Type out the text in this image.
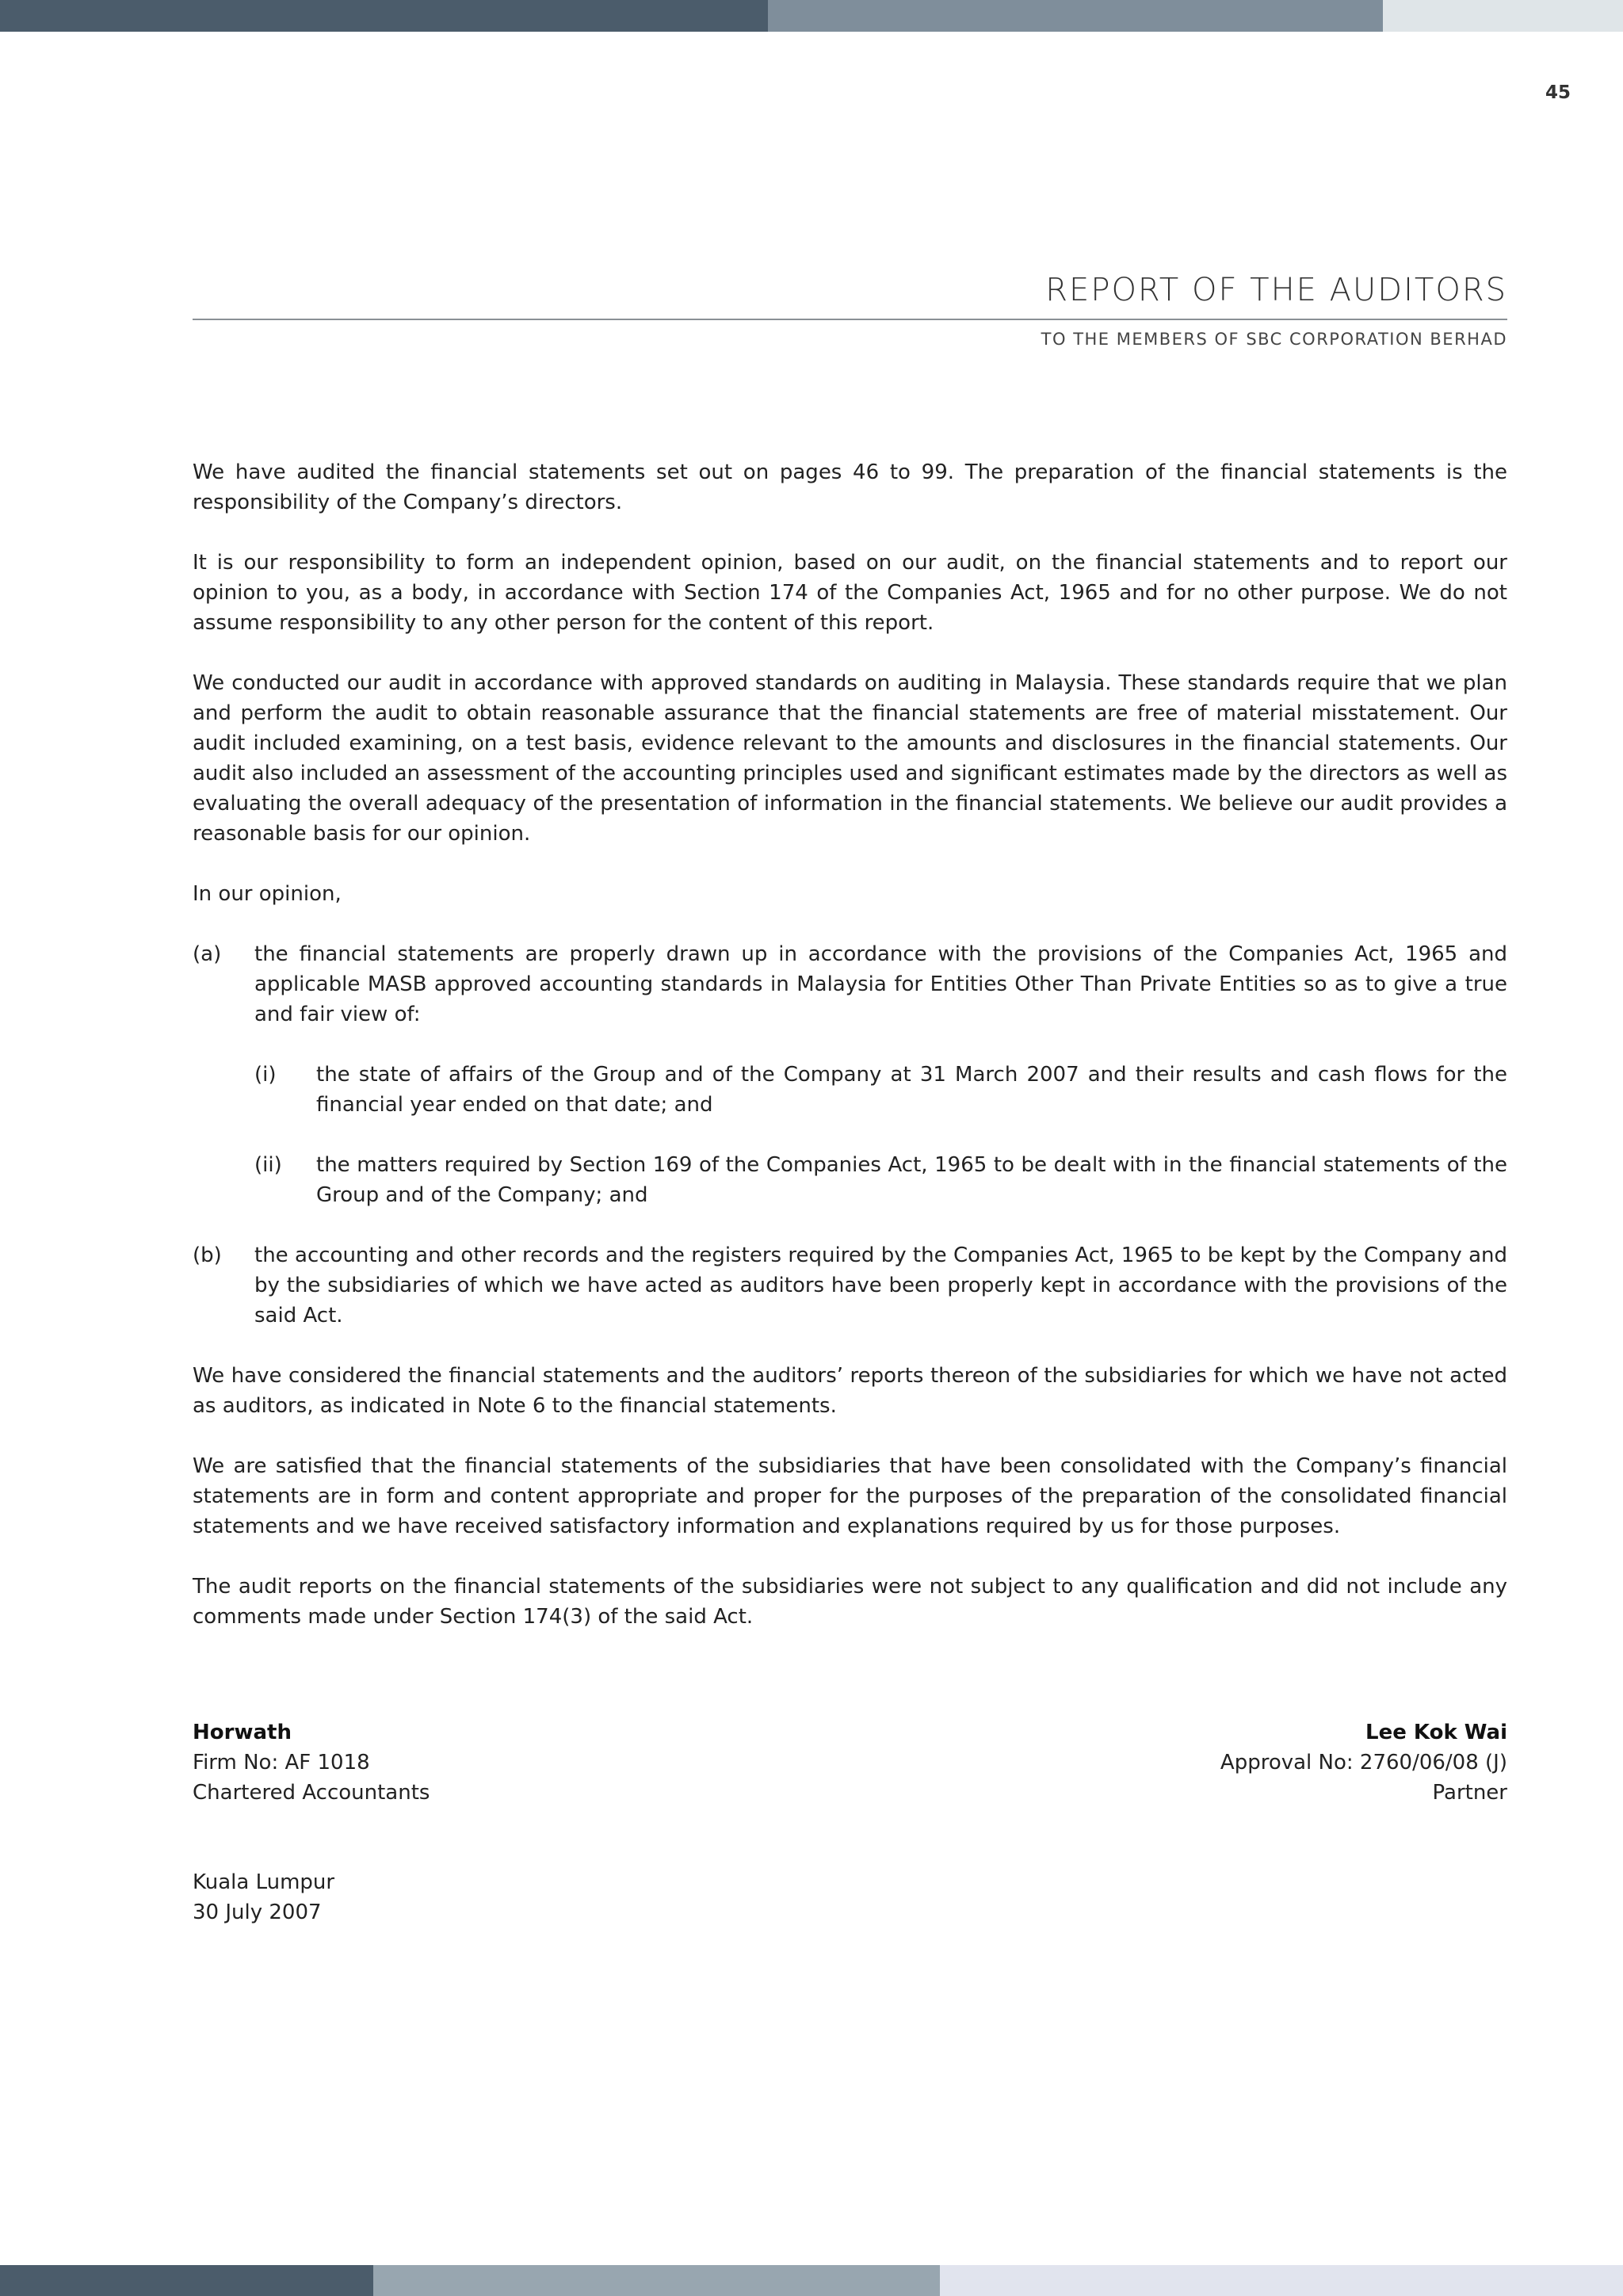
45
REPORT OF THE AUDITORS
TO THE MEMBERS OF SBC CORPORATION BERHAD

We have audited the financial statements set out on pages 46 to 99. The preparation of the financial statements is the responsibility of the Company’s directors.

It is our responsibility to form an independent opinion, based on our audit, on the financial statements and to report our opinion to you, as a body, in accordance with Section 174 of the Companies Act, 1965 and for no other purpose. We do not assume responsibility to any other person for the content of this report.

We conducted our audit in accordance with approved standards on auditing in Malaysia. These standards require that we plan and perform the audit to obtain reasonable assurance that the financial statements are free of material misstatement. Our audit included examining, on a test basis, evidence relevant to the amounts and disclosures in the financial statements. Our audit also included an assessment of the accounting principles used and significant estimates made by the directors as well as evaluating the overall adequacy of the presentation of information in the financial statements. We believe our audit provides a reasonable basis for our opinion.

In our opinion,

(a)	the financial statements are properly drawn up in accordance with the provisions of the Companies Act, 1965 and applicable MASB approved accounting standards in Malaysia for Entities Other Than Private Entities so as to give a true and fair view of:
(i)	the state of affairs of the Group and of the Company at 31 March 2007 and their results and cash flows for the financial year ended on that date; and
(ii)	the matters required by Section 169 of the Companies Act, 1965 to be dealt with in the financial statements of the Group and of the Company; and
(b)	the accounting and other records and the registers required by the Companies Act, 1965 to be kept by the Company and by the subsidiaries of which we have acted as auditors have been properly kept in accordance with the provisions of the said Act.

We have considered the financial statements and the auditors’ reports thereon of the subsidiaries for which we have not acted as auditors, as indicated in Note 6 to the financial statements.

We are satisfied that the financial statements of the subsidiaries that have been consolidated with the Company’s financial statements are in form and content appropriate and proper for the purposes of the preparation of the consolidated financial statements and we have received satisfactory information and explanations required by us for those purposes.

The audit reports on the financial statements of the subsidiaries were not subject to any qualification and did not include any comments made under Section 174(3) of the said Act.

Horwath
Firm No: AF 1018
Chartered Accountants
Lee Kok Wai
Approval No: 2760/06/08 (J)
Partner
Kuala Lumpur
30 July 2007
